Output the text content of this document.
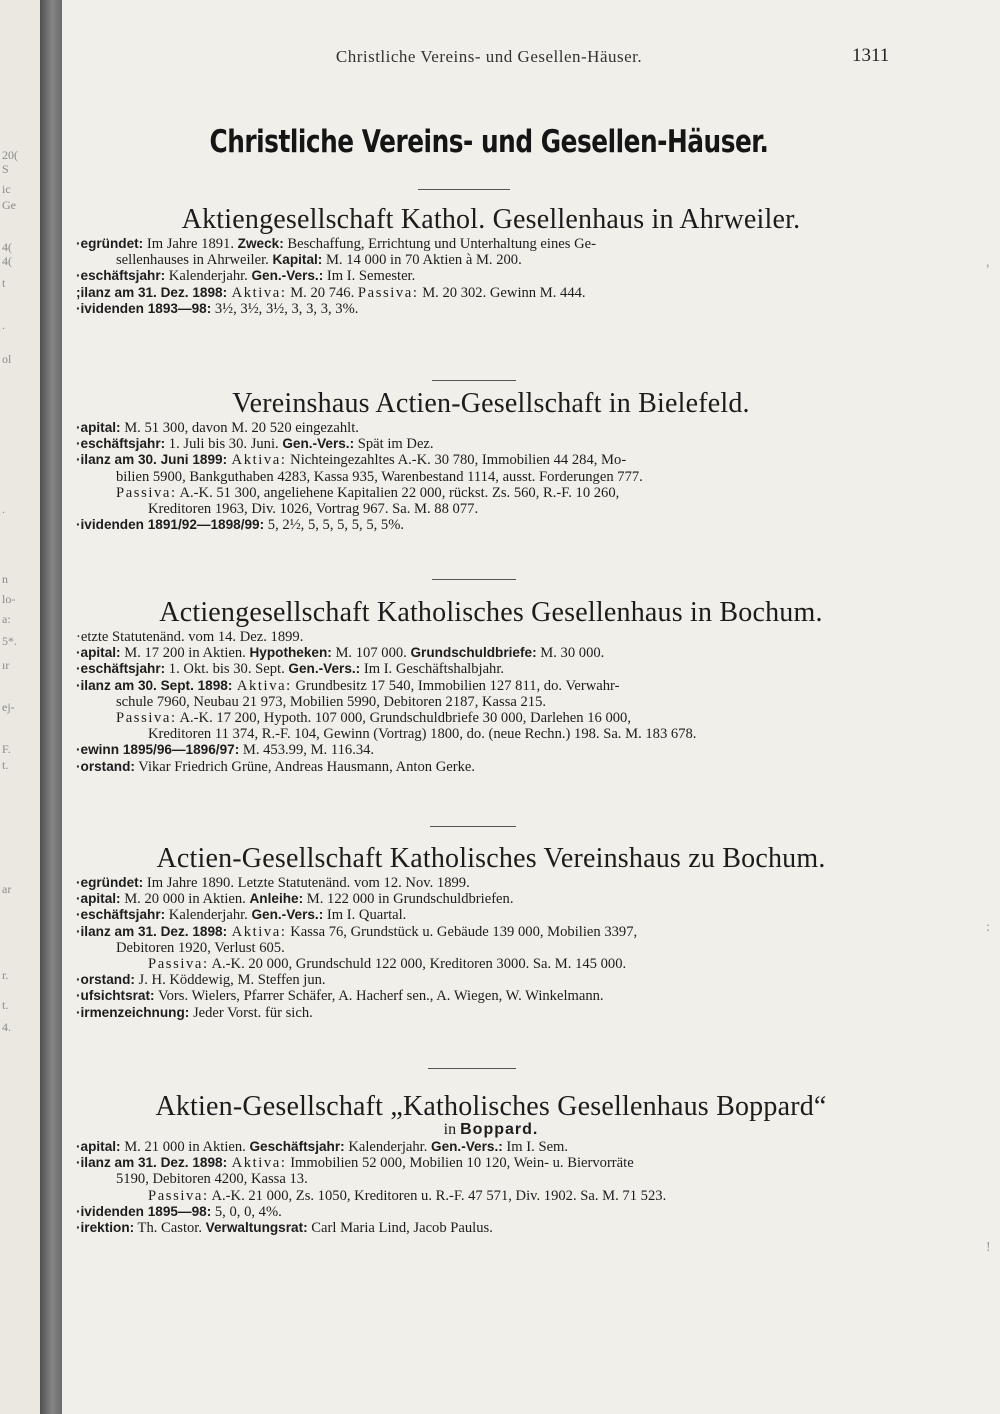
20(
S
ic
Ge
4(
4(
t
.
ol
.
n
lo-
a:
5*.
ır
ej-
F.
t.
ar
r.
t.
4.
Christliche Vereins- und Gesellen-Häuser.	1311
Christliche Vereins- und Gesellen-Häuser.
Aktiengesellschaft Kathol. Gesellenhaus in Ahrweiler.
·egründet: Im Jahre 1891. Zweck: Beschaffung, Errichtung und Unterhaltung eines Ge-
sellenhauses in Ahrweiler. Kapital: M. 14 000 in 70 Aktien à M. 200.
·eschäftsjahr: Kalenderjahr. Gen.-Vers.: Im I. Semester.
;ilanz am 31. Dez. 1898: Aktiva: M. 20 746. Passiva: M. 20 302. Gewinn M. 444.
·ividenden 1893—98: 3½, 3½, 3½, 3, 3, 3, 3%.
Vereinshaus Actien-Gesellschaft in Bielefeld.
·apital: M. 51 300, davon M. 20 520 eingezahlt.
·eschäftsjahr: 1. Juli bis 30. Juni. Gen.-Vers.: Spät im Dez.
·ilanz am 30. Juni 1899: Aktiva: Nichteingezahltes A.-K. 30 780, Immobilien 44 284, Mo-
bilien 5900, Bankguthaben 4283, Kassa 935, Warenbestand 1114, ausst. Forderungen 777.
Passiva: A.-K. 51 300, angeliehene Kapitalien 22 000, rückst. Zs. 560, R.-F. 10 260,
Kreditoren 1963, Div. 1026, Vortrag 967. Sa. M. 88 077.
·ividenden 1891/92—1898/99: 5, 2½, 5, 5, 5, 5, 5, 5%.
Actiengesellschaft Katholisches Gesellenhaus in Bochum.
·etzte Statutenänd. vom 14. Dez. 1899.
·apital: M. 17 200 in Aktien. Hypotheken: M. 107 000. Grundschuldbriefe: M. 30 000.
·eschäftsjahr: 1. Okt. bis 30. Sept. Gen.-Vers.: Im I. Geschäftshalbjahr.
·ilanz am 30. Sept. 1898: Aktiva: Grundbesitz 17 540, Immobilien 127 811, do. Verwahr-
schule 7960, Neubau 21 973, Mobilien 5990, Debitoren 2187, Kassa 215.
Passiva: A.-K. 17 200, Hypoth. 107 000, Grundschuldbriefe 30 000, Darlehen 16 000,
Kreditoren 11 374, R.-F. 104, Gewinn (Vortrag) 1800, do. (neue Rechn.) 198. Sa. M. 183 678.
·ewinn 1895/96—1896/97: M. 453.99, M. 116.34.
·orstand: Vikar Friedrich Grüne, Andreas Hausmann, Anton Gerke.
Actien-Gesellschaft Katholisches Vereinshaus zu Bochum.
·egründet: Im Jahre 1890. Letzte Statutenänd. vom 12. Nov. 1899.
·apital: M. 20 000 in Aktien. Anleihe: M. 122 000 in Grundschuldbriefen.
·eschäftsjahr: Kalenderjahr. Gen.-Vers.: Im I. Quartal.
·ilanz am 31. Dez. 1898: Aktiva: Kassa 76, Grundstück u. Gebäude 139 000, Mobilien 3397,
Debitoren 1920, Verlust 605.
Passiva: A.-K. 20 000, Grundschuld 122 000, Kreditoren 3000. Sa. M. 145 000.
·orstand: J. H. Köddewig, M. Steffen jun.
·ufsichtsrat: Vors. Wielers, Pfarrer Schäfer, A. Hacherf sen., A. Wiegen, W. Winkelmann.
·irmenzeichnung: Jeder Vorst. für sich.
Aktien-Gesellschaft „Katholisches Gesellenhaus Boppard“
in Boppard.
·apital: M. 21 000 in Aktien. Geschäftsjahr: Kalenderjahr. Gen.-Vers.: Im I. Sem.
·ilanz am 31. Dez. 1898: Aktiva: Immobilien 52 000, Mobilien 10 120, Wein- u. Biervorräte
5190, Debitoren 4200, Kassa 13.
Passiva: A.-K. 21 000, Zs. 1050, Kreditoren u. R.-F. 47 571, Div. 1902. Sa. M. 71 523.
·ividenden 1895—98: 5, 0, 0, 4%.
·irektion: Th. Castor. Verwaltungsrat: Carl Maria Lind, Jacob Paulus.
,
:
!
